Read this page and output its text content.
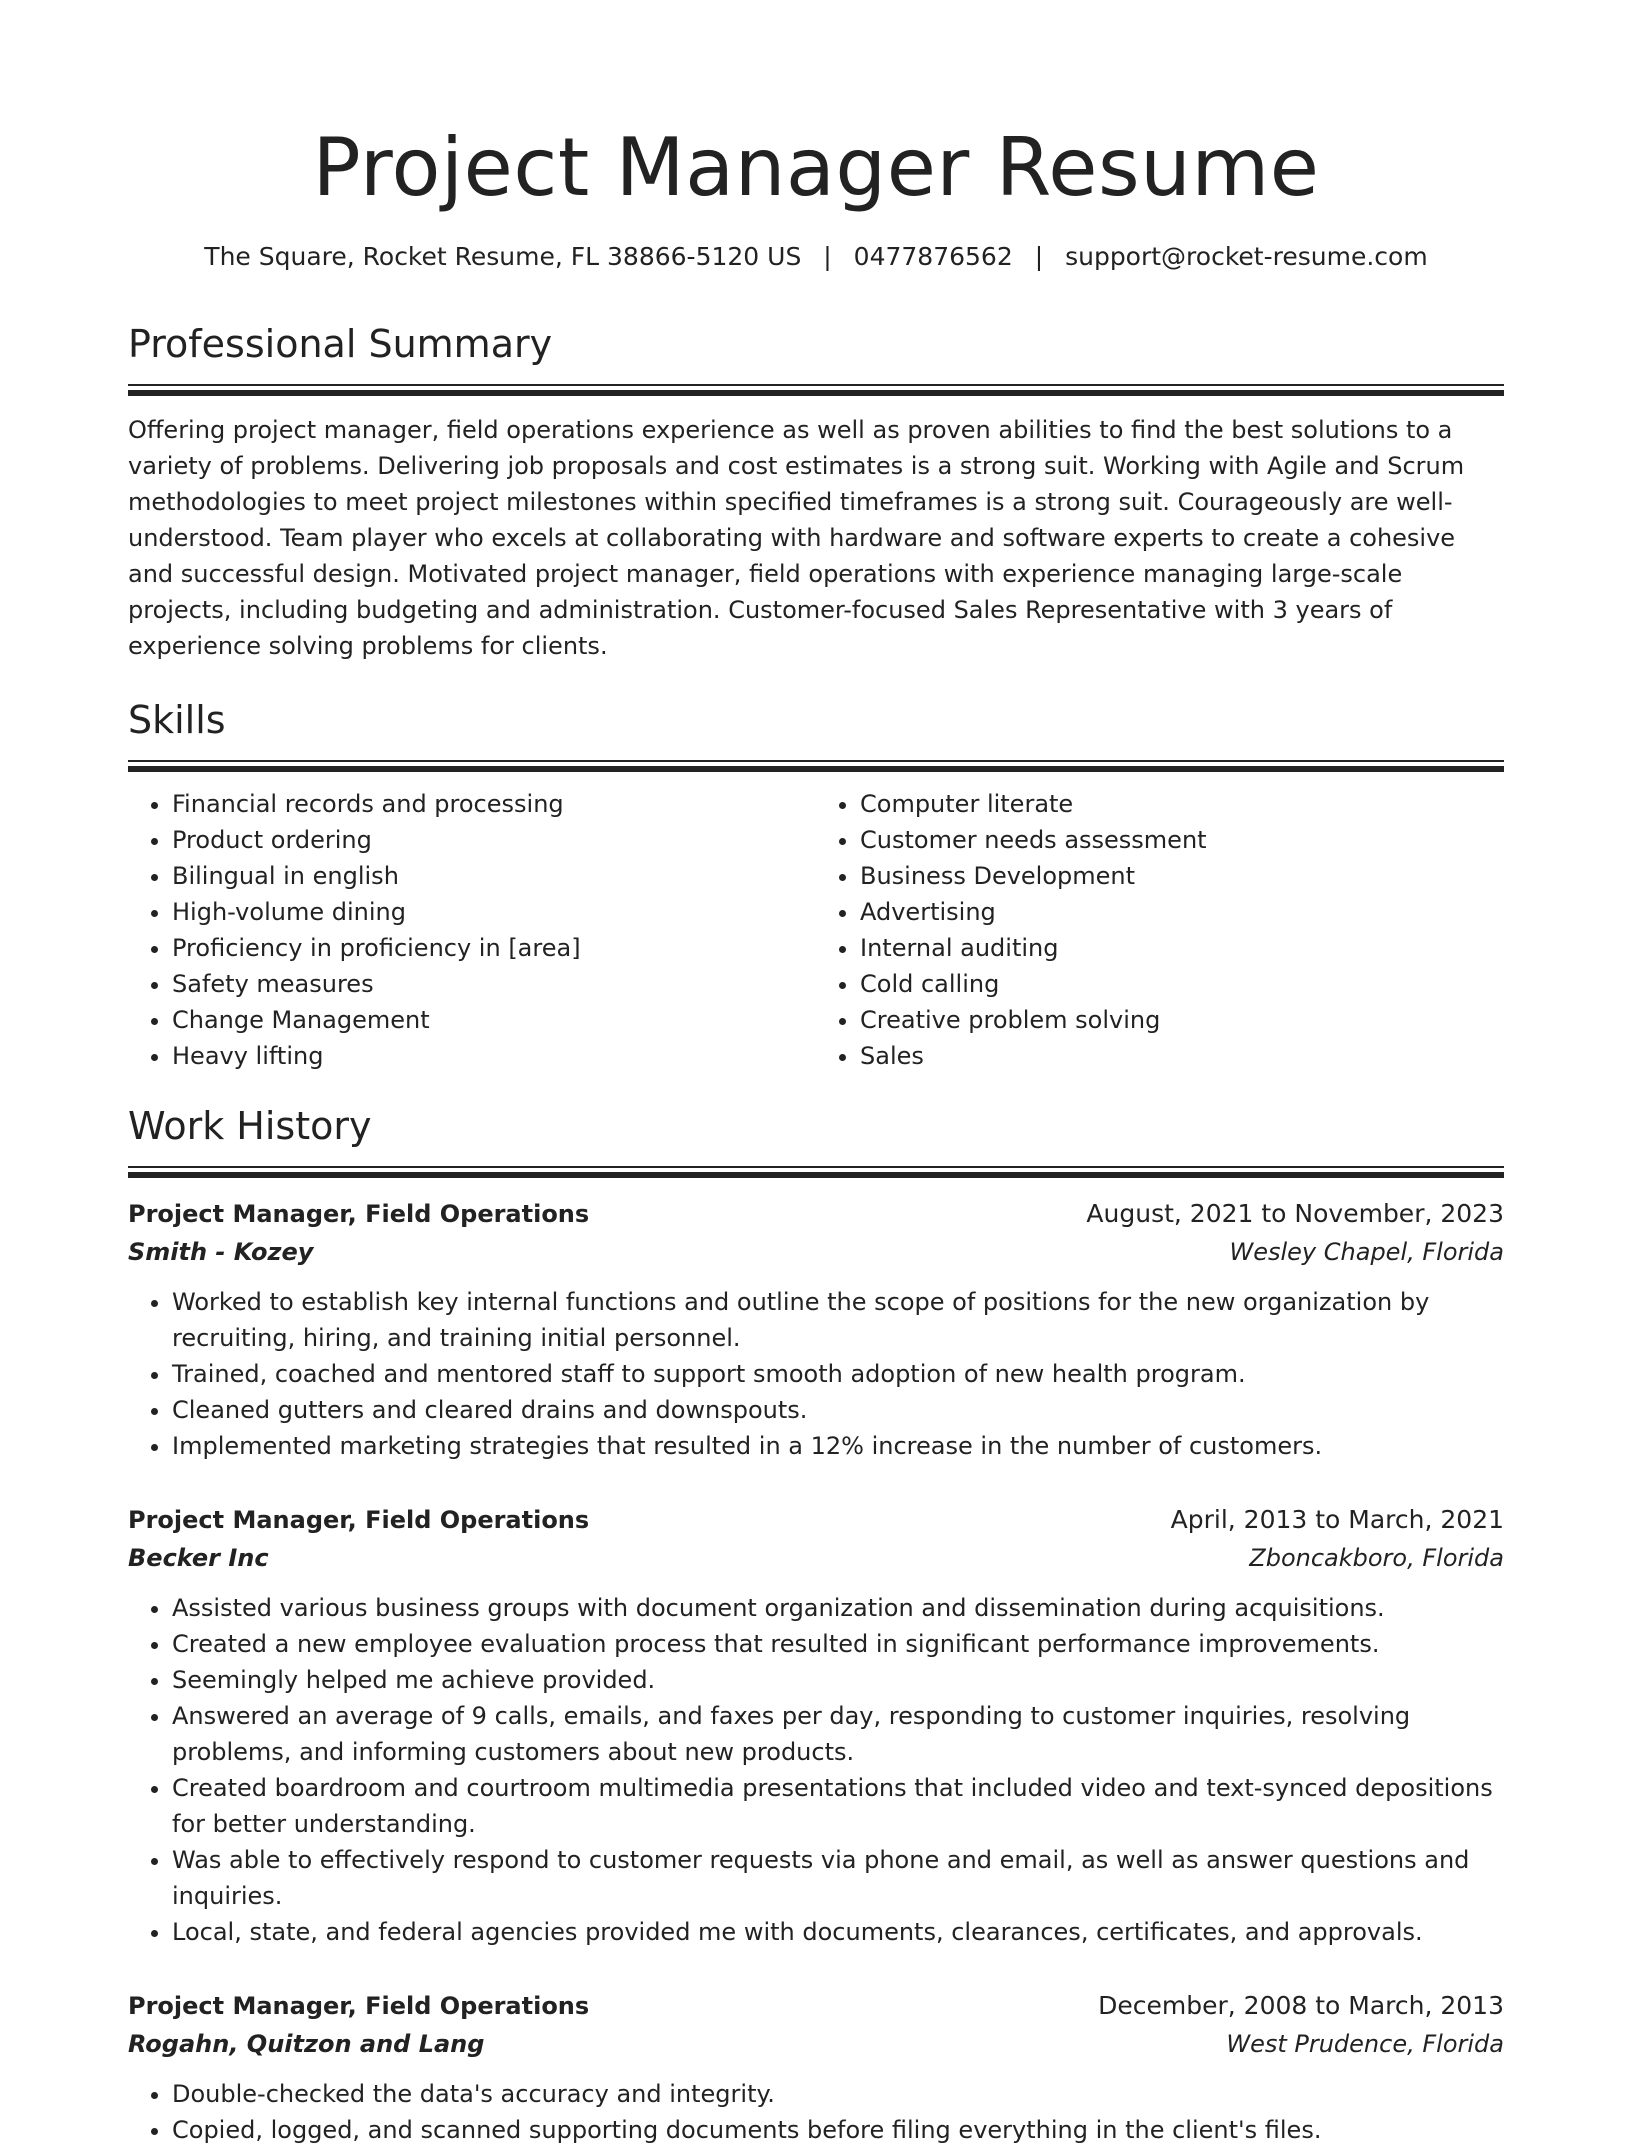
Project Manager Resume
The Square, Rocket Resume, FL 38866-5120 US | 0477876562 | support@rocket-resume.com
Professional Summary

Offering project manager, field operations experience as well as proven abilities to find the best solutions to a variety of problems. Delivering job proposals and cost estimates is a strong suit. Working with Agile and Scrum methodologies to meet project milestones within specified timeframes is a strong suit. Courageously are well-understood. Team player who excels at collaborating with hardware and software experts to create a cohesive and successful design. Motivated project manager, field operations with experience managing large-scale projects, including budgeting and administration. Customer-focused Sales Representative with 3 years of experience solving problems for clients.

Skills
• Financial records and processing
• Product ordering
• Bilingual in english
• High-volume dining
• Proficiency in proficiency in [area]
• Safety measures
• Change Management
• Heavy lifting
• Computer literate
• Customer needs assessment
• Business Development
• Advertising
• Internal auditing
• Cold calling
• Creative problem solving
• Sales
Work History
Project Manager, Field Operations	August, 2021 to November, 2023
Smith - Kozey	Wesley Chapel, Florida
• Worked to establish key internal functions and outline the scope of positions for the new organization by recruiting, hiring, and training initial personnel.
• Trained, coached and mentored staff to support smooth adoption of new health program.
• Cleaned gutters and cleared drains and downspouts.
• Implemented marketing strategies that resulted in a 12% increase in the number of customers.
Project Manager, Field Operations	April, 2013 to March, 2021
Becker Inc	Zboncakboro, Florida
• Assisted various business groups with document organization and dissemination during acquisitions.
• Created a new employee evaluation process that resulted in significant performance improvements.
• Seemingly helped me achieve provided.
• Answered an average of 9 calls, emails, and faxes per day, responding to customer inquiries, resolving problems, and informing customers about new products.
• Created boardroom and courtroom multimedia presentations that included video and text-synced depositions for better understanding.
• Was able to effectively respond to customer requests via phone and email, as well as answer questions and inquiries.
• Local, state, and federal agencies provided me with documents, clearances, certificates, and approvals.
Project Manager, Field Operations	December, 2008 to March, 2013
Rogahn, Quitzon and Lang	West Prudence, Florida
• Double-checked the data's accuracy and integrity.
• Copied, logged, and scanned supporting documents before filing everything in the client's files.
